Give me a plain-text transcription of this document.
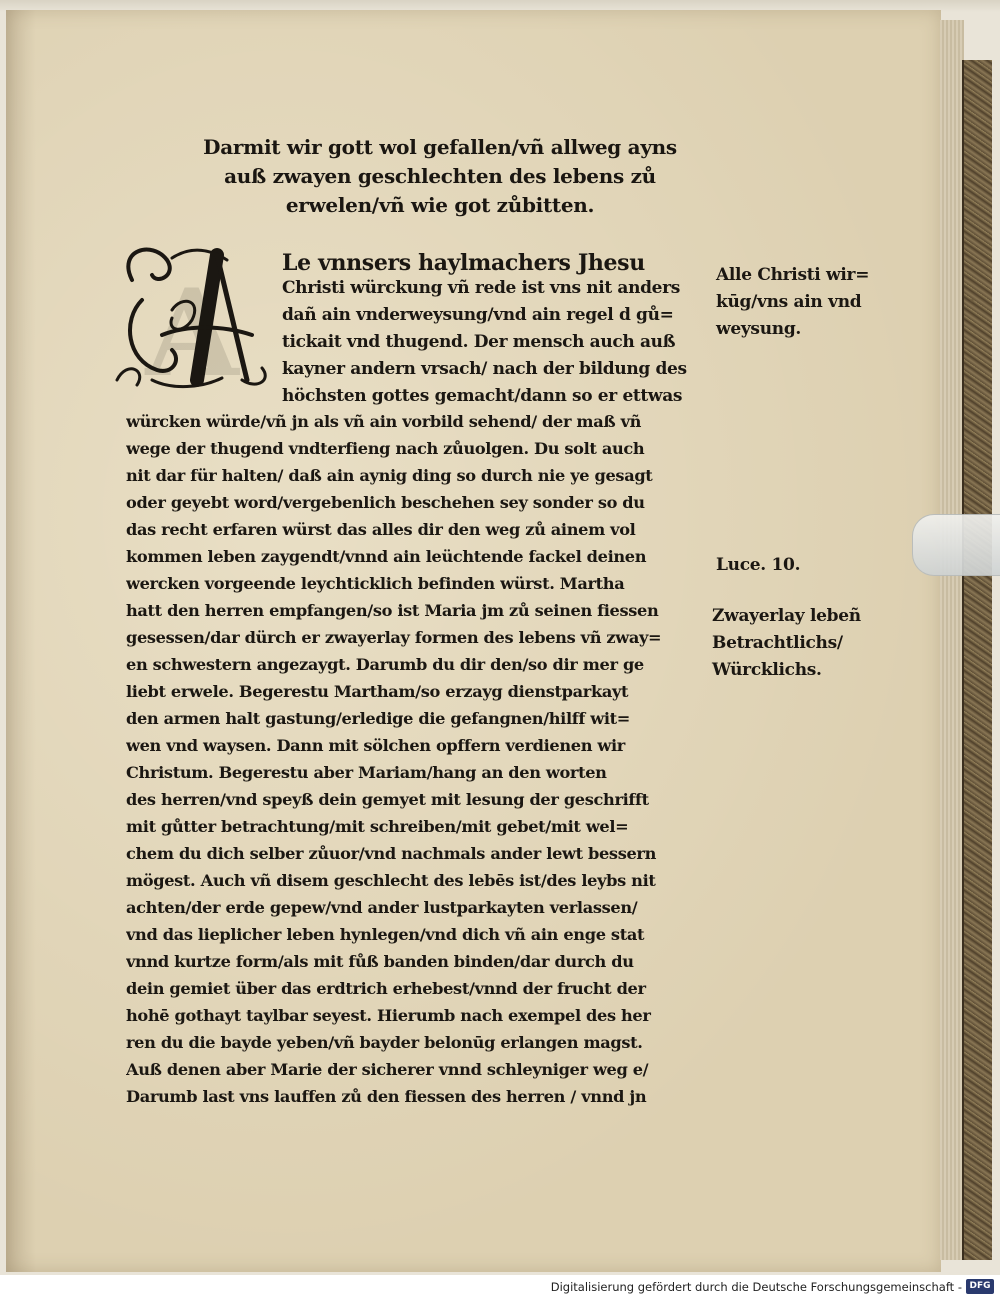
Darmit wir gott wol gefallen/vñ allweg ayns
auß zwayen geschlechten des lebens zů
erwelen/vñ wie got zůbitten.
A Le vnnsers haylmachers Jhesu
Christi würckung vñ rede ist vns nit anders
dañ ain vnderweysung/vnd ain regel d gů=
tickait vnd thugend. Der mensch auch auß
kayner andern vrsach/ nach der bildung des
höchsten gottes gemacht/dann so er ettwas
würcken würde/vñ jn als vñ ain vorbild sehend/ der maß vñ
wege der thugend vndterfieng nach zůuolgen. Du solt auch
nit dar für halten/ daß ain aynig ding so durch nie ye gesagt
oder geyebt word/vergebenlich beschehen sey sonder so du
das recht erfaren würst das alles dir den weg zů ainem vol
kommen leben zaygendt/vnnd ain leüchtende fackel deinen
wercken vorgeende leychticklich befinden würst. Martha
hatt den herren empfangen/so ist Maria jm zů seinen fiessen
gesessen/dar dürch er zwayerlay formen des lebens vñ zway=
en schwestern angezaygt. Darumb du dir den/so dir mer ge
liebt erwele. Begerestu Martham/so erzayg dienstparkayt
den armen halt gastung/erledige die gefangnen/hilff wit=
wen vnd waysen. Dann mit sölchen opffern verdienen wir
Christum. Begerestu aber Mariam/hang an den worten
des herren/vnd speyß dein gemyet mit lesung der geschrifft
mit gůtter betrachtung/mit schreiben/mit gebet/mit wel=
chem du dich selber zůuor/vnd nachmals ander lewt bessern
mögest. Auch vñ disem geschlecht des lebēs ist/des leybs nit
achten/der erde gepew/vnd ander lustparkayten verlassen/
vnd das lieplicher leben hynlegen/vnd dich vñ ain enge stat
vnnd kurtze form/als mit fůß banden binden/dar durch du
dein gemiet über das erdtrich erhebest/vnnd der frucht der
hohē gothayt taylbar seyest. Hierumb nach exempel des her
ren du die bayde yeben/vñ bayder belonūg erlangen magst.
Auß denen aber Marie der sicherer vnnd schleyniger weg e/
Darumb last vns lauffen zů den fiessen des herren / vnnd jn
Alle Christi wir=
kūg/vns ain vnd
weysung.
Luce. 10.
Zwayerlay lebeñ
Betrachtlichs/
Würcklichs.
Digitalisierung gefördert durch die Deutsche Forschungsgemeinschaft - DFG
